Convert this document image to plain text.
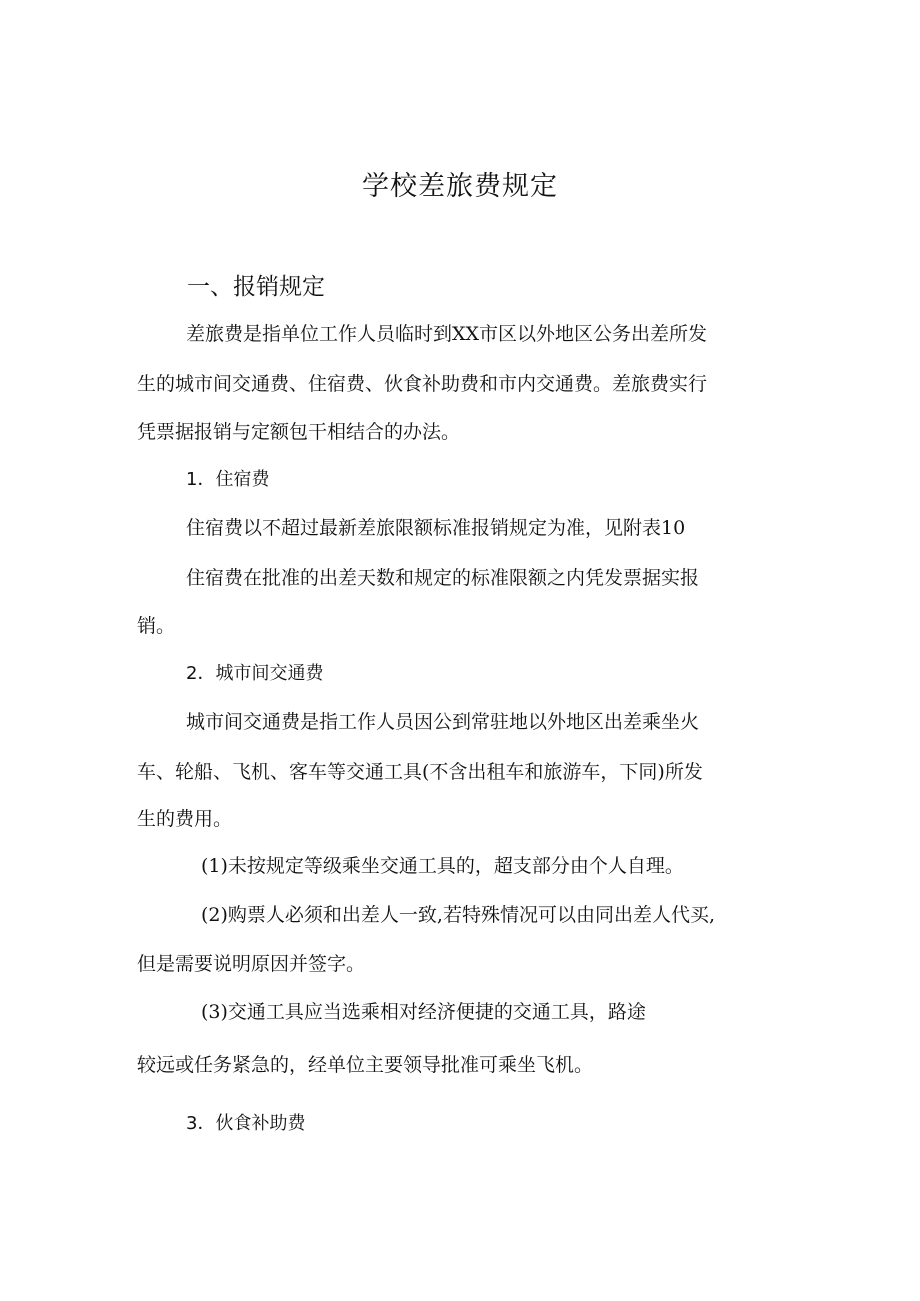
学校差旅费规定
一、报销规定

差旅费是指单位工作人员临时到XX市区以外地区公务出差所发

生的城市间交通费、住宿费、伙食补助费和市内交通费。差旅费实行

凭票据报销与定额包干相结合的办法。

1．住宿费

住宿费以不超过最新差旅限额标准报销规定为准，见附表10

住宿费在批准的出差天数和规定的标准限额之内凭发票据实报

销。

2．城市间交通费

城市间交通费是指工作人员因公到常驻地以外地区出差乘坐火

车、轮船、飞机、客车等交通工具(不含出租车和旅游车，下同)所发

生的费用。

(1)未按规定等级乘坐交通工具的，超支部分由个人自理。

(2)购票人必须和出差人一致,若特殊情况可以由同出差人代买,

但是需要说明原因并签字。

(3)交通工具应当选乘相对经济便捷的交通工具，路途

较远或任务紧急的，经单位主要领导批准可乘坐飞机。

3．伙食补助费
